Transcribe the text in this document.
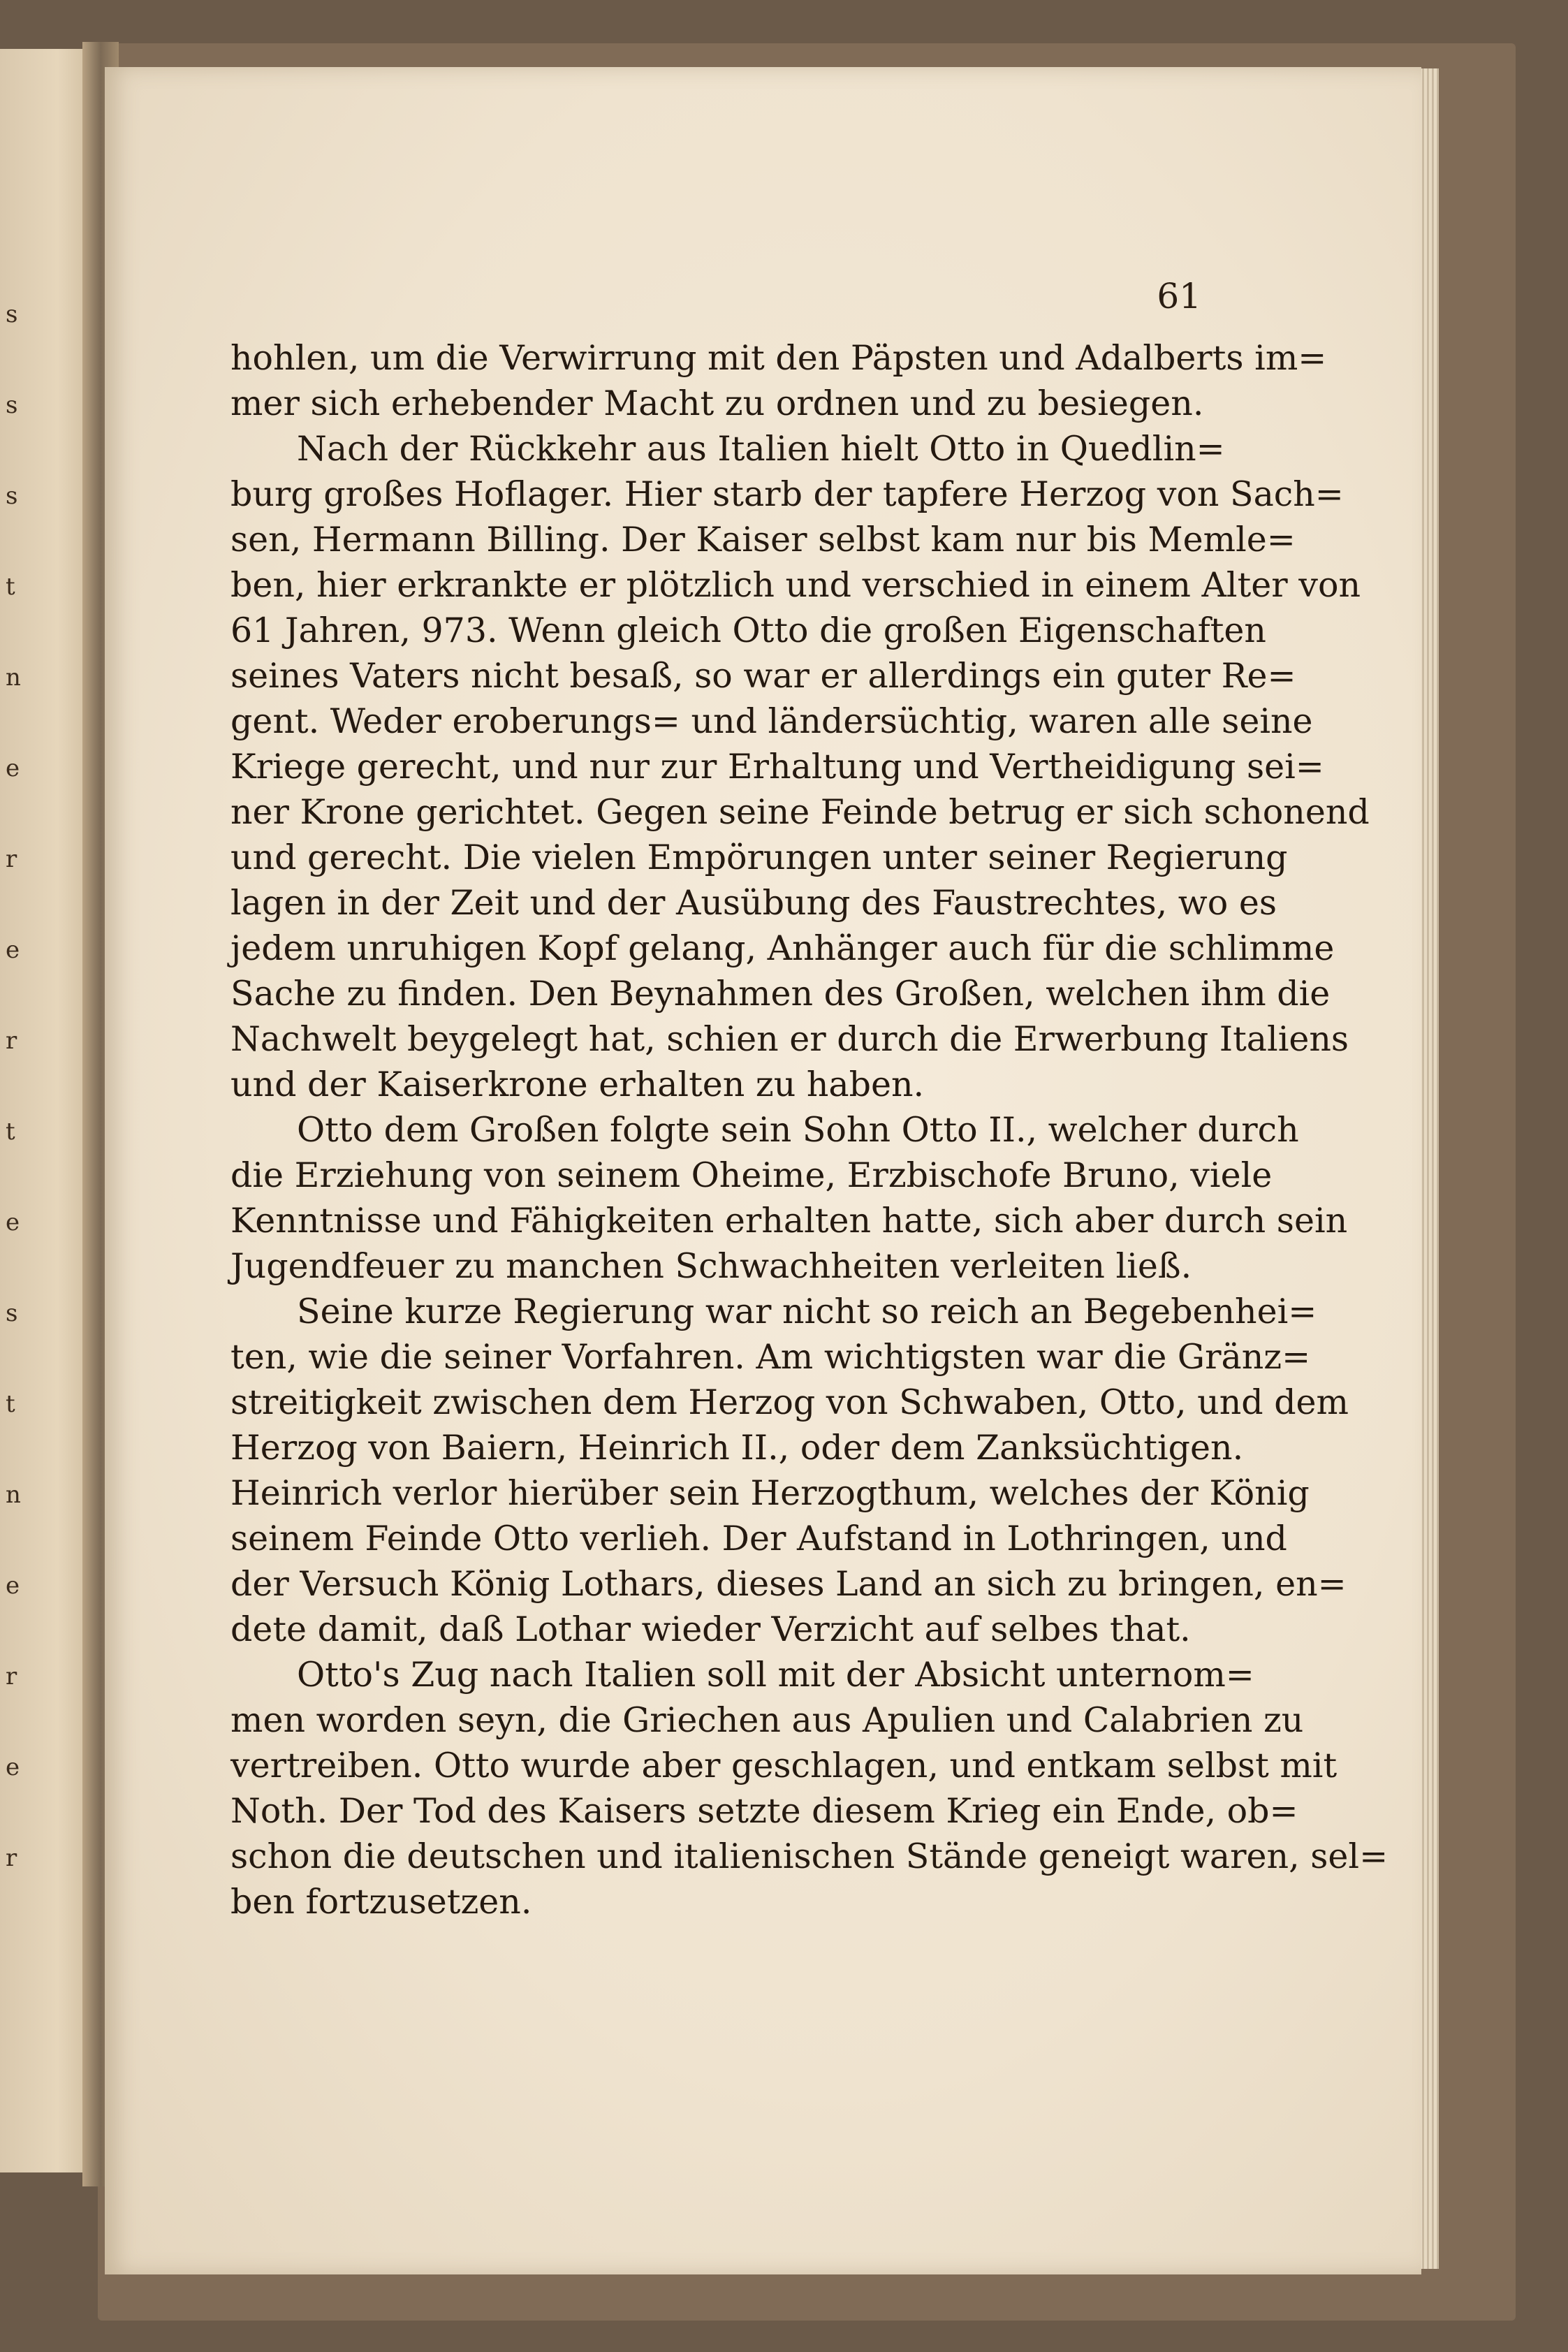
s
s
s
t
n
e
r
e
r
t
e
s
t
n
e
r
e
r
61
hohlen, um die Verwirrung mit den Päpsten und Adalberts im=
mer sich erhebender Macht zu ordnen und zu besiegen.
Nach der Rückkehr aus Italien hielt Otto in Quedlin=
burg großes Hoflager. Hier starb der tapfere Herzog von Sach=
sen, Hermann Billing. Der Kaiser selbst kam nur bis Memle=
ben, hier erkrankte er plötzlich und verschied in einem Alter von
61 Jahren, 973. Wenn gleich Otto die großen Eigenschaften
seines Vaters nicht besaß, so war er allerdings ein guter Re=
gent. Weder eroberungs= und ländersüchtig, waren alle seine
Kriege gerecht, und nur zur Erhaltung und Vertheidigung sei=
ner Krone gerichtet. Gegen seine Feinde betrug er sich schonend
und gerecht. Die vielen Empörungen unter seiner Regierung
lagen in der Zeit und der Ausübung des Faustrechtes, wo es
jedem unruhigen Kopf gelang, Anhänger auch für die schlimme
Sache zu finden. Den Beynahmen des Großen, welchen ihm die
Nachwelt beygelegt hat, schien er durch die Erwerbung Italiens
und der Kaiserkrone erhalten zu haben.
Otto dem Großen folgte sein Sohn Otto II., welcher durch
die Erziehung von seinem Oheime, Erzbischofe Bruno, viele
Kenntnisse und Fähigkeiten erhalten hatte, sich aber durch sein
Jugendfeuer zu manchen Schwachheiten verleiten ließ.
Seine kurze Regierung war nicht so reich an Begebenhei=
ten, wie die seiner Vorfahren. Am wichtigsten war die Gränz=
streitigkeit zwischen dem Herzog von Schwaben, Otto, und dem
Herzog von Baiern, Heinrich II., oder dem Zanksüchtigen.
Heinrich verlor hierüber sein Herzogthum, welches der König
seinem Feinde Otto verlieh. Der Aufstand in Lothringen, und
der Versuch König Lothars, dieses Land an sich zu bringen, en=
dete damit, daß Lothar wieder Verzicht auf selbes that.
Otto's Zug nach Italien soll mit der Absicht unternom=
men worden seyn, die Griechen aus Apulien und Calabrien zu
vertreiben. Otto wurde aber geschlagen, und entkam selbst mit
Noth. Der Tod des Kaisers setzte diesem Krieg ein Ende, ob=
schon die deutschen und italienischen Stände geneigt waren, sel=
ben fortzusetzen.
